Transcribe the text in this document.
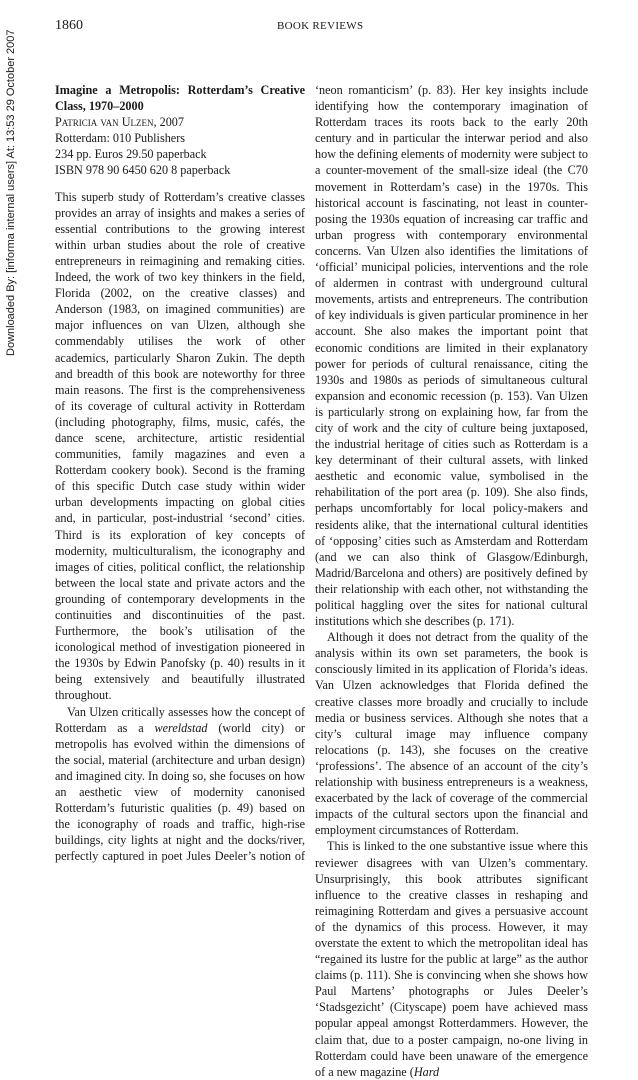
Downloaded By: [informa internal users] At: 13:53 29 October 2007
1860	BOOK REVIEWS
Imagine a Metropolis: Rotterdam’s Creative Class, 1970–2000
Patricia van Ulzen, 2007
Rotterdam: 010 Publishers
234 pp. Euros 29.50 paperback
ISBN 978 90 6450 620 8 paperback

This superb study of Rotterdam’s creative classes provides an array of insights and makes a series of essential contributions to the growing interest within urban studies about the role of creative entrepreneurs in reimagining and remaking cities. Indeed, the work of two key thinkers in the field, Florida (2002, on the creative classes) and Anderson (1983, on imagined communities) are major influences on van Ulzen, although she commendably utilises the work of other academics, particularly Sharon Zukin. The depth and breadth of this book are noteworthy for three main reasons. The first is the comprehensiveness of its coverage of cultural activity in Rotterdam (including photography, films, music, cafés, the dance scene, architecture, artistic residential communities, family magazines and even a Rotterdam cookery book). Second is the framing of this specific Dutch case study within wider urban developments impacting on global cities and, in particular, post-industrial ‘second’ cities. Third is its exploration of key concepts of modernity, multiculturalism, the iconography and images of cities, political conflict, the relationship between the local state and private actors and the grounding of contemporary developments in the continuities and discontinuities of the past. Furthermore, the book’s utilisation of the iconological method of investigation pioneered in the 1930s by Edwin Panofsky (p. 40) results in it being extensively and beautifully illustrated throughout.

Van Ulzen critically assesses how the concept of Rotterdam as a wereldstad (world city) or metropolis has evolved within the dimensions of the social, material (architecture and urban design) and imagined city. In doing so, she focuses on how an aesthetic view of modernity canonised Rotterdam’s futuristic qualities (p. 49) based on the iconography of roads and traffic, high-rise buildings, city lights at night and the docks/river, perfectly captured in poet Jules Deeler’s notion of

‘neon romanticism’ (p. 83). Her key insights include identifying how the contemporary imagination of Rotterdam traces its roots back to the early 20th century and in particular the interwar period and also how the defining elements of modernity were subject to a counter-movement of the small-size ideal (the C70 movement in Rotterdam’s case) in the 1970s. This historical account is fascinating, not least in counter-posing the 1930s equation of increasing car traffic and urban progress with contemporary environmental concerns. Van Ulzen also identifies the limitations of ‘official’ municipal policies, interventions and the role of aldermen in contrast with underground cultural movements, artists and entrepreneurs. The contribution of key individuals is given particular prominence in her account. She also makes the important point that economic conditions are limited in their explanatory power for periods of cultural renaissance, citing the 1930s and 1980s as periods of simultaneous cultural expansion and economic recession (p. 153). Van Ulzen is particularly strong on explaining how, far from the city of work and the city of culture being juxtaposed, the industrial heritage of cities such as Rotterdam is a key determinant of their cultural assets, with linked aesthetic and economic value, symbolised in the rehabilitation of the port area (p. 109). She also finds, perhaps uncomfortably for local policy-makers and residents alike, that the international cultural identities of ‘opposing’ cities such as Amsterdam and Rotterdam (and we can also think of Glasgow/Edinburgh, Madrid/Barcelona and others) are positively defined by their relationship with each other, not withstanding the political haggling over the sites for national cultural institutions which she describes (p. 171).

Although it does not detract from the quality of the analysis within its own set parameters, the book is consciously limited in its application of Florida’s ideas. Van Ulzen acknowledges that Florida defined the creative classes more broadly and crucially to include media or business services. Although she notes that a city’s cultural image may influence company relocations (p. 143), she focuses on the creative ‘professions’. The absence of an account of the city’s relationship with business entrepreneurs is a weakness, exacerbated by the lack of coverage of the commercial impacts of the cultural sectors upon the financial and employment circumstances of Rotterdam.

This is linked to the one substantive issue where this reviewer disagrees with van Ulzen’s commentary. Unsurprisingly, this book attributes significant influence to the creative classes in reshaping and reimagining Rotterdam and gives a persuasive account of the dynamics of this process. However, it may overstate the extent to which the metropolitan ideal has “regained its lustre for the public at large” as the author claims (p. 111). She is convincing when she shows how Paul Martens’ photographs or Jules Deeler’s ‘Stadsgezicht’ (Cityscape) poem have achieved mass popular appeal amongst Rotterdammers. However, the claim that, due to a poster campaign, no-one living in Rotterdam could have been unaware of the emergence of a new magazine (Hard
